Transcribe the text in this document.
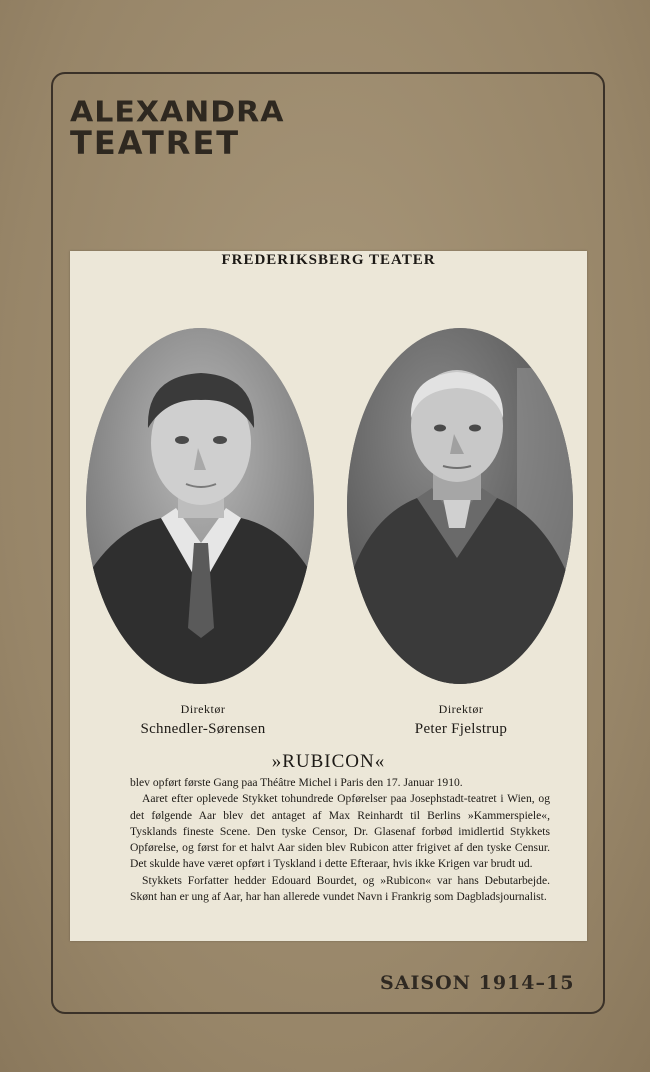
ALEXANDRA
TEATRET
FREDERIKSBERG TEATER
Direktør
Schnedler-Sørensen
Direktør
Peter Fjelstrup
»RUBICON«

blev opført første Gang paa Théâtre Michel i Paris den 17. Januar 1910.

Aaret efter oplevede Stykket tohundrede Opførelser paa Josephstadt-teatret i Wien, og det følgende Aar blev det antaget af Max Reinhardt til Berlins »Kammerspiele«, Tysklands fineste Scene. Den tyske Censor, Dr. Glasenaf forbød imidlertid Stykkets Opførelse, og først for et halvt Aar siden blev Rubicon atter frigivet af den tyske Censur. Det skulde have været opført i Tyskland i dette Efteraar, hvis ikke Krigen var brudt ud.

Stykkets Forfatter hedder Edouard Bourdet, og »Rubicon« var hans Debutarbejde. Skønt han er ung af Aar, har han allerede vundet Navn i Frankrig som Dagbladsjournalist.

SAISON 1914–15
